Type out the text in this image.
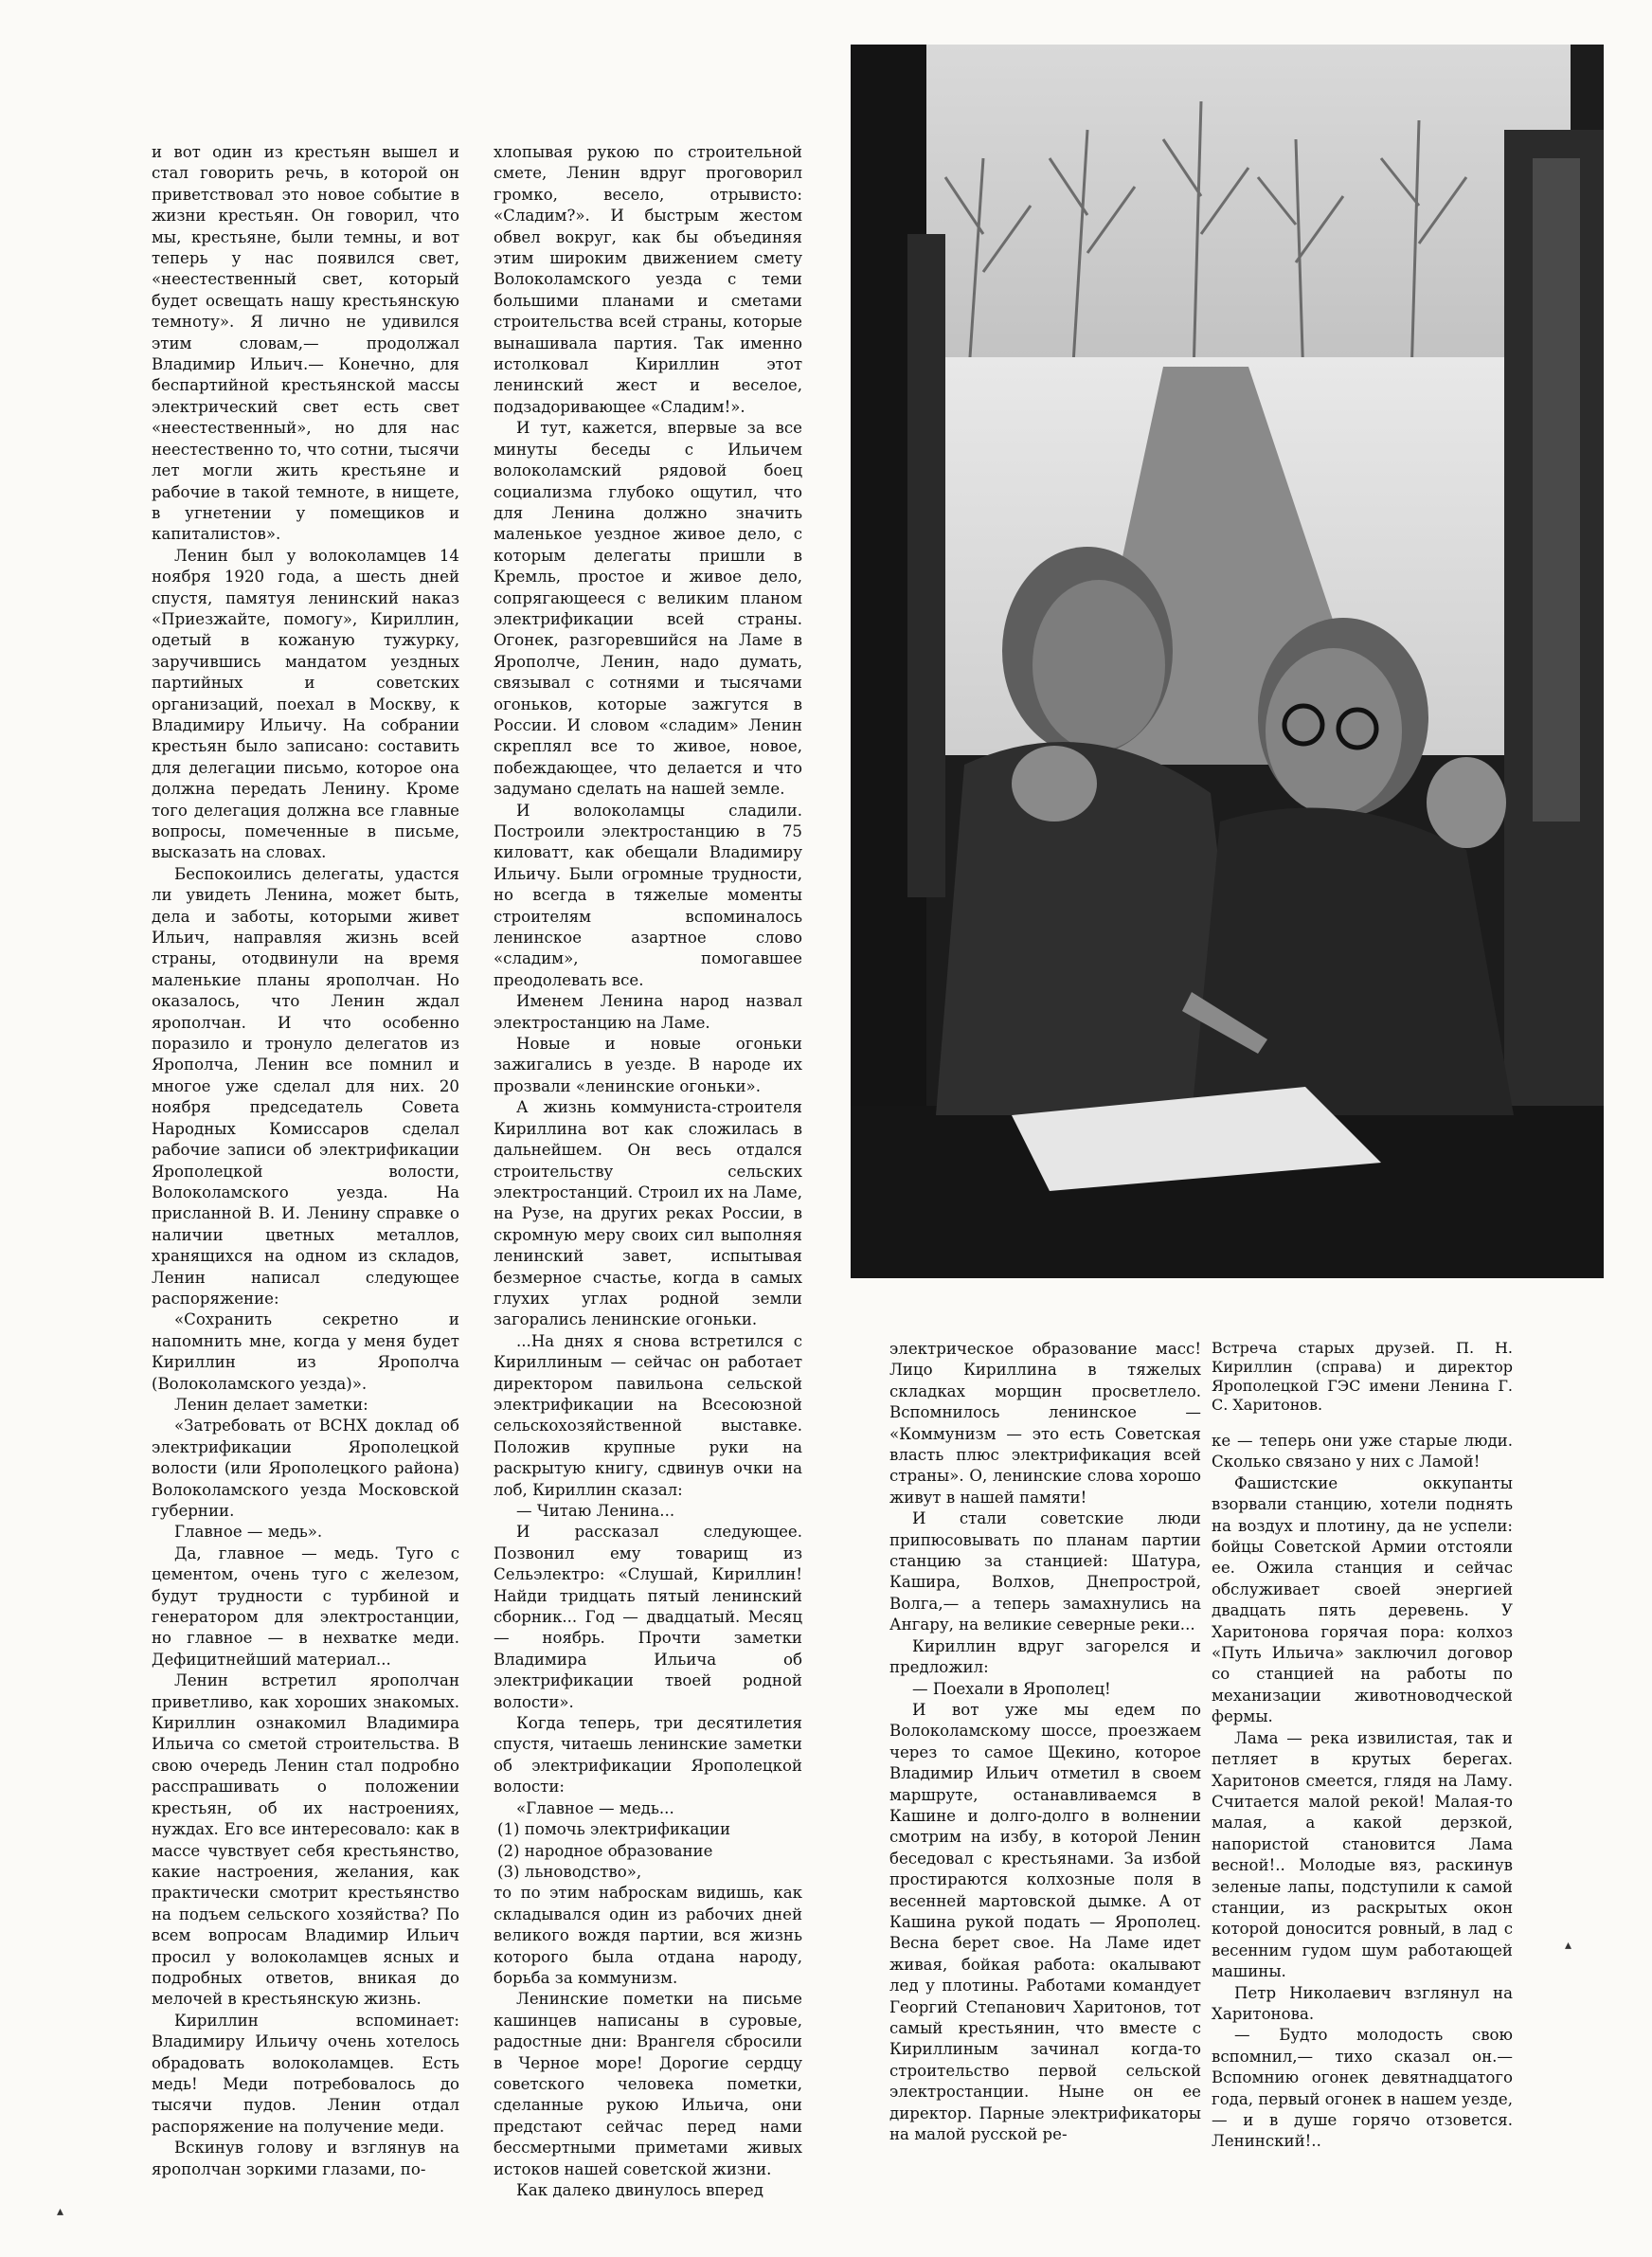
и вот один из крестьян вышел и стал говорить речь, в которой он приветствовал это новое событие в жизни крестьян. Он говорил, что мы, крестьяне, были темны, и вот теперь у нас появился свет, «неестественный свет, который будет освещать нашу крестьянскую темноту». Я лично не удивился этим словам,— продолжал Владимир Ильич.— Конечно, для беспартийной крестьянской массы электрический свет есть свет «неестественный», но для нас неестественно то, что сотни, тысячи лет могли жить крестьяне и рабочие в такой темноте, в нищете, в угнетении у помещиков и капиталистов».

Ленин был у волоколамцев 14 ноября 1920 года, а шесть дней спустя, памятуя ленинский наказ «Приезжайте, помогу», Кириллин, одетый в кожаную тужурку, заручившись мандатом уездных партийных и советских организаций, поехал в Москву, к Владимиру Ильичу. На собрании крестьян было записано: составить для делегации письмо, которое она должна передать Ленину. Кроме того делегация должна все главные вопросы, помеченные в письме, высказать на словах.

Беспокоились делегаты, удастся ли увидеть Ленина, может быть, дела и заботы, которыми живет Ильич, направляя жизнь всей страны, отодвинули на время маленькие планы ярополчан. Но оказалось, что Ленин ждал ярополчан. И что особенно поразило и тронуло делегатов из Ярополча, Ленин все помнил и многое уже сделал для них. 20 ноября председатель Совета Народных Комиссаров сделал рабочие записи об электрификации Ярополецкой волости, Волоколамского уезда. На присланной В. И. Ленину справке о наличии цветных металлов, хранящихся на одном из складов, Ленин написал следующее распоряжение:

«Сохранить секретно и напомнить мне, когда у меня будет Кириллин из Ярополча (Волоколамского уезда)».

Ленин делает заметки:

«Затребовать от ВСНХ доклад об электрификации Ярополецкой волости (или Ярополецкого района) Волоколамского уезда Московской губернии.

Главное — медь».

Да, главное — медь. Туго с цементом, очень туго с железом, будут трудности с турбиной и генератором для электростанции, но главное — в нехватке меди. Дефицитнейший материал...

Ленин встретил ярополчан приветливо, как хороших знакомых. Кириллин ознакомил Владимира Ильича со сметой строительства. В свою очередь Ленин стал подробно расспрашивать о положении крестьян, об их настроениях, нуждах. Его все интересовало: как в массе чувствует себя крестьянство, какие настроения, желания, как практически смотрит крестьянство на подъем сельского хозяйства? По всем вопросам Владимир Ильич просил у волоколамцев ясных и подробных ответов, вникая до мелочей в крестьянскую жизнь.

Кириллин вспоминает: Владимиру Ильичу очень хотелось обрадовать волоколамцев. Есть медь! Меди потребовалось до тысячи пудов. Ленин отдал распоряжение на получение меди.

Вскинув голову и взглянув на ярополчан зоркими глазами, по-

хлопывая рукою по строительной смете, Ленин вдруг проговорил громко, весело, отрывисто: «Сладим?». И быстрым жестом обвел вокруг, как бы объединяя этим широким движением смету Волоколамского уезда с теми большими планами и сметами строительства всей страны, которые вынашивала партия. Так именно истолковал Кириллин этот ленинский жест и веселое, подзадоривающее «Сладим!».

И тут, кажется, впервые за все минуты беседы с Ильичем волоколамский рядовой боец социализма глубоко ощутил, что для Ленина должно значить маленькое уездное живое дело, с которым делегаты пришли в Кремль, простое и живое дело, сопрягающееся с великим планом электрификации всей страны. Огонек, разгоревшийся на Ламе в Ярополче, Ленин, надо думать, связывал с сотнями и тысячами огоньков, которые зажгутся в России. И словом «сладим» Ленин скреплял все то живое, новое, побеждающее, что делается и что задумано сделать на нашей земле.

И волоколамцы сладили. Построили электростанцию в 75 киловатт, как обещали Владимиру Ильичу. Были огромные трудности, но всегда в тяжелые моменты строителям вспоминалось ленинское азартное слово «сладим», помогавшее преодолевать все.

Именем Ленина народ назвал электростанцию на Ламе.

Новые и новые огоньки зажигались в уезде. В народе их прозвали «ленинские огоньки».

А жизнь коммуниста-строителя Кириллина вот как сложилась в дальнейшем. Он весь отдался строительству сельских электростанций. Строил их на Ламе, на Рузе, на других реках России, в скромную меру своих сил выполняя ленинский завет, испытывая безмерное счастье, когда в самых глухих углах родной земли загорались ленинские огоньки.

...На днях я снова встретился с Кириллиным — сейчас он работает директором павильона сельской электрификации на Всесоюзной сельскохозяйственной выставке. Положив крупные руки на раскрытую книгу, сдвинув очки на лоб, Кириллин сказал:

— Читаю Ленина...

И рассказал следующее. Позвонил ему товарищ из Сельэлектро: «Слушай, Кириллин! Найди тридцать пятый ленинский сборник... Год — двадцатый. Месяц — ноябрь. Прочти заметки Владимира Ильича об электрификации твоей родной волости».

Когда теперь, три десятилетия спустя, читаешь ленинские заметки об электрификации Ярополецкой волости:

«Главное — медь...

(1) помочь электрификации

(2) народное образование

(3) льноводство»,

то по этим наброскам видишь, как складывался один из рабочих дней великого вождя партии, вся жизнь которого была отдана народу, борьба за коммунизм.

Ленинские пометки на письме кашинцев написаны в суровые, радостные дни: Врангеля сбросили в Черное море! Дорогие сердцу советского человека пометки, сделанные рукою Ильича, они предстают сейчас перед нами бессмертными приметами живых истоков нашей советской жизни.

Как далеко двинулось вперед

Встреча старых друзей. П. Н. Кириллин (справа) и директор Ярополецкой ГЭС имени Ленина Г. С. Харитонов.

электрическое образование масс! Лицо Кириллина в тяжелых складках морщин просветлело. Вспомнилось ленинское — «Коммунизм — это есть Советская власть плюс электрификация всей страны». О, ленинские слова хорошо живут в нашей памяти!

И стали советские люди припюсовывать по планам партии станцию за станцией: Шатура, Каширa, Волхов, Днепрострой, Волга,— а теперь замахнулись на Ангару, на великие северные реки...

Кириллин вдруг загорелся и предложил:

— Поехали в Ярополец!

И вот уже мы едем по Волоколамскому шоссе, проезжаем через то самое Щекино, которое Владимир Ильич отметил в своем маршруте, останавливаемся в Кашине и долго-долго в волнении смотрим на избу, в которой Ленин беседовал с крестьянами. За избой простираются колхозные поля в весенней мартовской дымке. А от Кашина рукой подать — Ярополец. Весна берет свое. На Ламе идет живая, бойкая работа: окалывают лед у плотины. Работами командует Георгий Степанович Харитонов, тот самый крестьянин, что вместе с Кириллиным зачинал когда-то строительство первой сельской электростанции. Ныне он ее директор. Парные электрификаторы на малой русской ре-

ке — теперь они уже старые люди. Сколько связано у них с Ламой!

Фашистские оккупанты взорвали станцию, хотели поднять на воздух и плотину, да не успели: бойцы Советской Армии отстояли ее. Ожила станция и сейчас обслуживает своей энергией двадцать пять деревень. У Харитонова горячая пора: колхоз «Путь Ильича» заключил договор со станцией на работы по механизации животноводческой фермы.

Лама — река извилистая, так и петляет в крутых берегах. Харитонов смеется, глядя на Ламу. Считается малой рекой! Малая-то малая, а какой дерзкой, напористой становится Лама весной!.. Молодые вяз, раскинув зеленые лапы, подступили к самой станции, из раскрытых окон которой доносится ровный, в лад с весенним гудом шум работающей машины.

Петр Николаевич взглянул на Харитонова.

— Будто молодость свою вспомнил,— тихо сказал он.— Вспомнию огонек девятнадцатого года, первый огонек в нашем уезде,— и в душе горячо отзовется. Ленинский!..

▴
▴
